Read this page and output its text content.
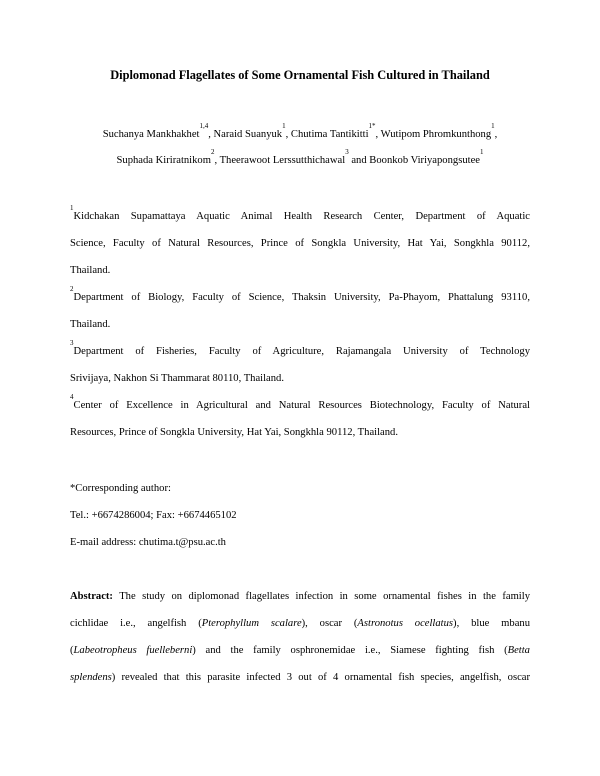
Diplomonad Flagellates of Some Ornamental Fish Cultured in Thailand
Suchanya Mankhakhet$^{1,4}$, Naraid Suanyuk$^1$, Chutima Tantikitti$^{1*}$, Wutipom Phromkunthong$^1$,
Suphada Kiriratnikom$^2$, Theerawoot Lerssutthichawal$^3$ and Boonkob Viriyapongsutee$^1$
$^1$Kidchakan Supamattaya Aquatic Animal Health Research Center, Department of Aquatic
Science, Faculty of Natural Resources, Prince of Songkla University, Hat Yai, Songkhla 90112,
Thailand.
$^2$Department of Biology, Faculty of Science, Thaksin University, Pa-Phayom, Phattalung 93110,
Thailand.
$^3$Department of Fisheries, Faculty of Agriculture, Rajamangala University of Technology
Srivijaya, Nakhon Si Thammarat 80110, Thailand.
$^4$Center of Excellence in Agricultural and Natural Resources Biotechnology, Faculty of Natural
Resources, Prince of Songkla University, Hat Yai, Songkhla 90112, Thailand.
*Corresponding author:
Tel.: +6674286004; Fax: +6674465102
E-mail address: chutima.t@psu.ac.th
Abstract: The study on diplomonad flagellates infection in some ornamental fishes in the family
cichlidae i.e., angelfish (Pterophyllum scalare), oscar (Astronotus ocellatus), blue mbanu
(Labeotropheus fuelleberni) and the family osphronemidae i.e., Siamese fighting fish (Betta
splendens) revealed that this parasite infected 3 out of 4 ornamental fish species, angelfish, oscar
